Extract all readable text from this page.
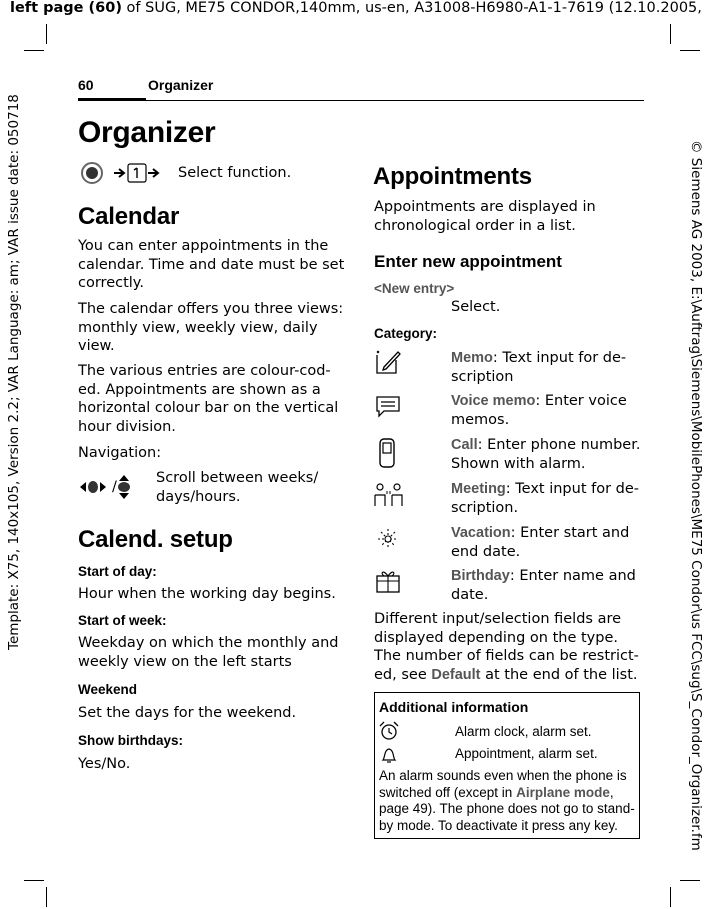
left page (60) of SUG, ME75 CONDOR,140mm, us-en, A31008-H6980-A1-1-7619 (12.10.2005,
Template: X75, 140x105, Version 2.2; VAR Language: am; VAR issue date: 050718	© Siemens AG 2003, E:\Auftrag\Siemens\MobilePhones\ME75 Condor\us FCC\sug\S_Condor_Organizer.fm
60	Organizer
Organizer
Select function.
Calendar
You can enter appointments in the calendar. Time and date must be set correctly.
The calendar offers you three views: monthly view, weekly view, daily view.
The various entries are colour-cod-ed. Appointments are shown as a horizontal colour bar on the vertical hour division.
Navigation:
/
Scroll between weeks/ days/hours.
Calend. setup
Start of day:
Hour when the working day begins.
Start of week:
Weekday on which the monthly and weekly view on the left starts
Weekend
Set the days for the weekend.
Show birthdays:
Yes/No.
Appointments
Appointments are displayed in chronological order in a list.
Enter new appointment
<New entry>
Select.
Category:
Memo: Text input for de-scription
Voice memo: Enter voice memos.
Call: Enter phone number. Shown with alarm.
Meeting: Text input for de-scription.
Vacation: Enter start and end date.
Birthday: Enter name and date.
Different input/selection fields are displayed depending on the type. The number of fields can be restrict-ed, see Default at the end of the list.
Additional information
Alarm clock, alarm set.
Appointment, alarm set.
An alarm sounds even when the phone is switched off (except in Airplane mode, page 49). The phone does not go to stand-by mode. To deactivate it press any key.
